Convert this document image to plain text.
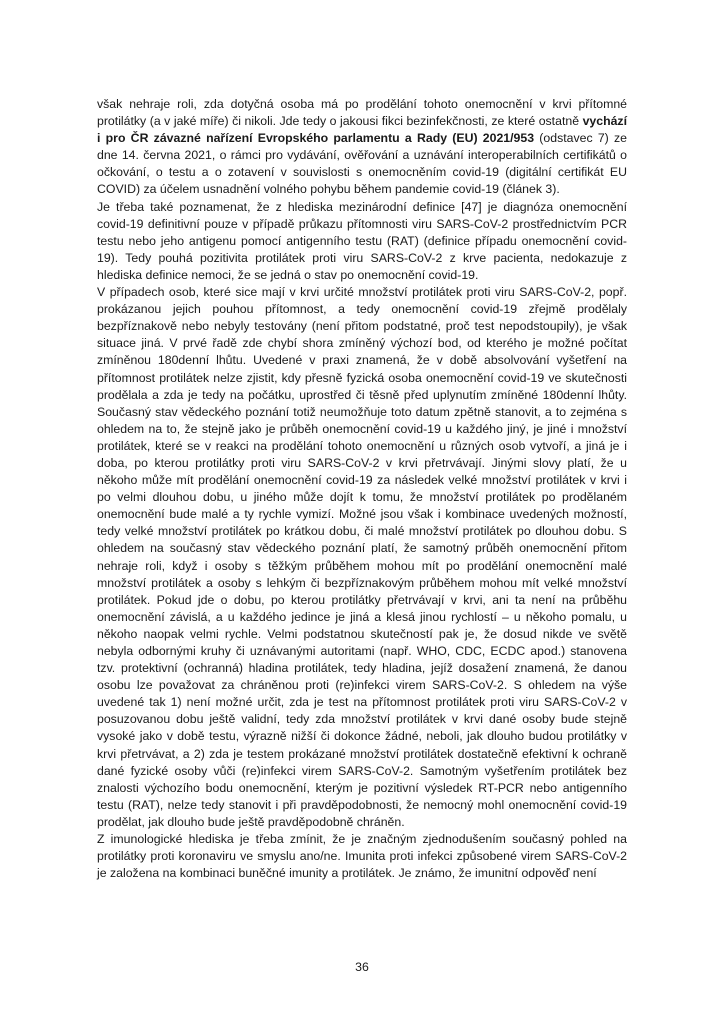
však nehraje roli, zda dotyčná osoba má po prodělání tohoto onemocnění v krvi přítomné protilátky (a v jaké míře) či nikoli. Jde tedy o jakousi fikci bezinfekčnosti, ze které ostatně vychází i pro ČR závazné nařízení Evropského parlamentu a Rady (EU) 2021/953 (odstavec 7) ze dne 14. června 2021, o rámci pro vydávání, ověřování a uznávání interoperabilních certifikátů o očkování, o testu a o zotavení v souvislosti s onemocněním covid-19 (digitální certifikát EU COVID) za účelem usnadnění volného pohybu během pandemie covid-19 (článek 3).

Je třeba také poznamenat, že z hlediska mezinárodní definice [47] je diagnóza onemocnění covid-19 definitivní pouze v případě průkazu přítomnosti viru SARS-CoV-2 prostřednictvím PCR testu nebo jeho antigenu pomocí antigenního testu (RAT) (definice případu onemocnění covid-19). Tedy pouhá pozitivita protilátek proti viru SARS-CoV-2 z krve pacienta, nedokazuje z hlediska definice nemoci, že se jedná o stav po onemocnění covid-19.

V případech osob, které sice mají v krvi určité množství protilátek proti viru SARS-CoV-2, popř. prokázanou jejich pouhou přítomnost, a tedy onemocnění covid-19 zřejmě prodělaly bezpříznakově nebo nebyly testovány (není přitom podstatné, proč test nepodstoupily), je však situace jiná. V prvé řadě zde chybí shora zmíněný výchozí bod, od kterého je možné počítat zmíněnou 180denní lhůtu. Uvedené v praxi znamená, že v době absolvování vyšetření na přítomnost protilátek nelze zjistit, kdy přesně fyzická osoba onemocnění covid-19 ve skutečnosti prodělala a zda je tedy na počátku, uprostřed či těsně před uplynutím zmíněné 180denní lhůty. Současný stav vědeckého poznání totiž neumožňuje toto datum zpětně stanovit, a to zejména s ohledem na to, že stejně jako je průběh onemocnění covid-19 u každého jiný, je jiné i množství protilátek, které se v reakci na prodělání tohoto onemocnění u různých osob vytvoří, a jiná je i doba, po kterou protilátky proti viru SARS-CoV-2 v krvi přetrvávají. Jinými slovy platí, že u někoho může mít prodělání onemocnění covid-19 za následek velké množství protilátek v krvi i po velmi dlouhou dobu, u jiného může dojít k tomu, že množství protilátek po prodělaném onemocnění bude malé a ty rychle vymizí. Možné jsou však i kombinace uvedených možností, tedy velké množství protilátek po krátkou dobu, či malé množství protilátek po dlouhou dobu. S ohledem na současný stav vědeckého poznání platí, že samotný průběh onemocnění přitom nehraje roli, když i osoby s těžkým průběhem mohou mít po prodělání onemocnění malé množství protilátek a osoby s lehkým či bezpříznakovým průběhem mohou mít velké množství protilátek. Pokud jde o dobu, po kterou protilátky přetrvávají v krvi, ani ta není na průběhu onemocnění závislá, a u každého jedince je jiná a klesá jinou rychlostí – u někoho pomalu, u někoho naopak velmi rychle. Velmi podstatnou skutečností pak je, že dosud nikde ve světě nebyla odbornými kruhy či uznávanými autoritami (např. WHO, CDC, ECDC apod.) stanovena tzv. protektivní (ochranná) hladina protilátek, tedy hladina, jejíž dosažení znamená, že danou osobu lze považovat za chráněnou proti (re)infekci virem SARS-CoV-2. S ohledem na výše uvedené tak 1) není možné určit, zda je test na přítomnost protilátek proti viru SARS-CoV-2 v posuzovanou dobu ještě validní, tedy zda množství protilátek v krvi dané osoby bude stejně vysoké jako v době testu, výrazně nižší či dokonce žádné, neboli, jak dlouho budou protilátky v krvi přetrvávat, a 2) zda je testem prokázané množství protilátek dostatečně efektivní k ochraně dané fyzické osoby vůči (re)infekci virem SARS-CoV-2. Samotným vyšetřením protilátek bez znalosti výchozího bodu onemocnění, kterým je pozitivní výsledek RT-PCR nebo antigenního testu (RAT), nelze tedy stanovit i při pravděpodobnosti, že nemocný mohl onemocnění covid-19 prodělat, jak dlouho bude ještě pravděpodobně chráněn.

Z imunologické hlediska je třeba zmínit, že je značným zjednodušením současný pohled na protilátky proti koronaviru ve smyslu ano/ne. Imunita proti infekci způsobené virem SARS-CoV-2 je založena na kombinaci buněčné imunity a protilátek. Je známo, že imunitní odpověď není

36
